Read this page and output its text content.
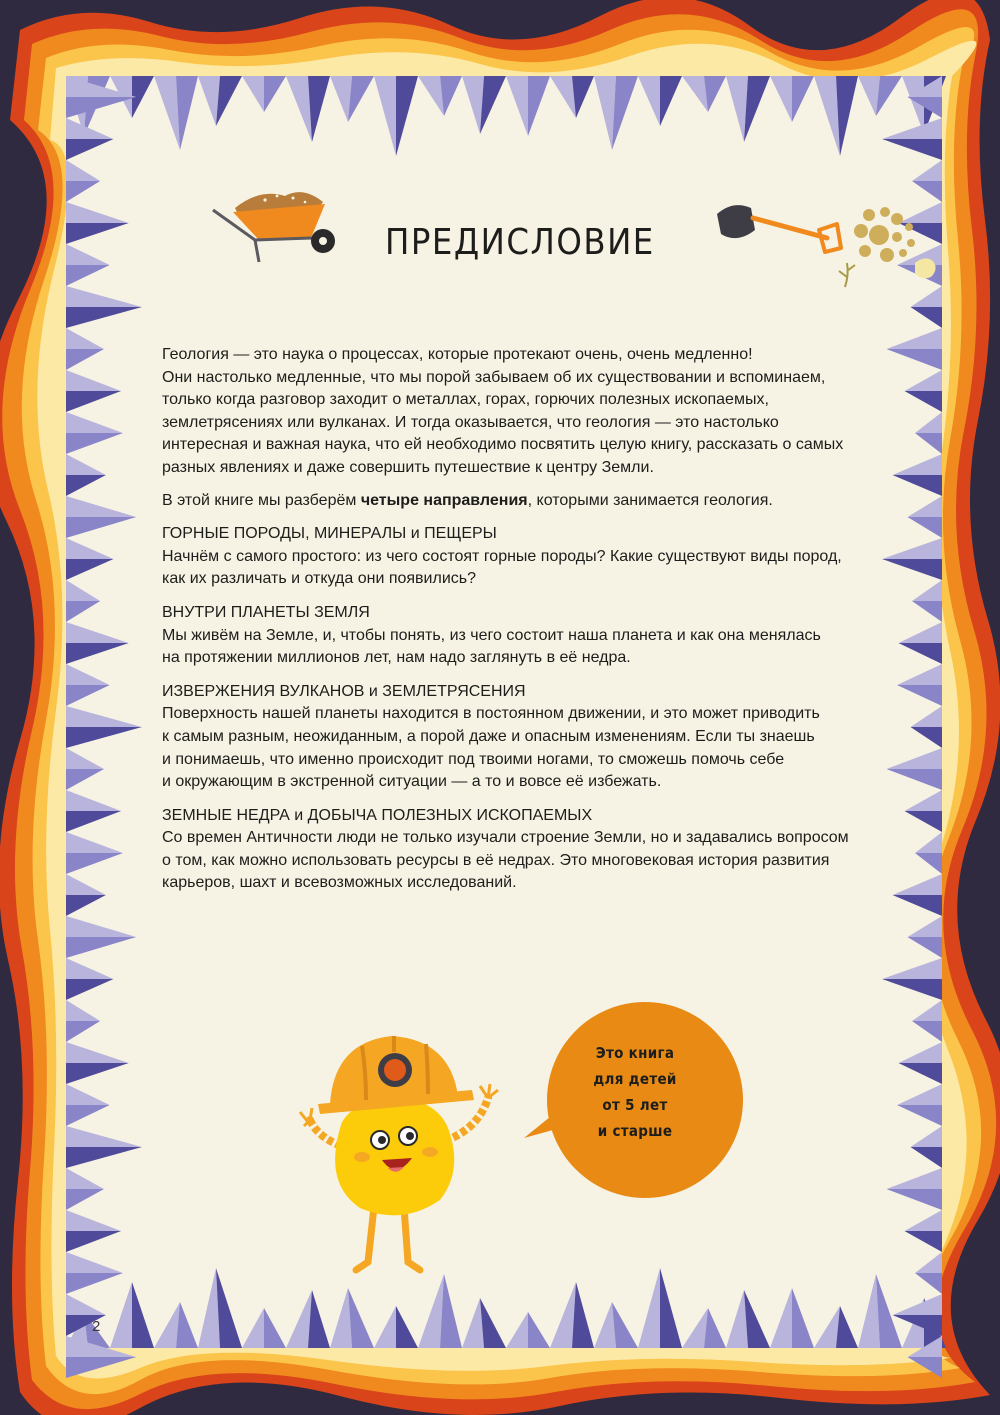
ПРЕДИСЛОВИЕ

Геология — это наука о процессах, которые протекают очень, очень медленно!

Они настолько медленные, что мы порой забываем об их существовании и вспоминаем,

только когда разговор заходит о металлах, горах, горючих полезных ископаемых,

землетрясениях или вулканах. И тогда оказывается, что геология — это настолько

интересная и важная наука, что ей необходимо посвятить целую книгу, рассказать о самых

разных явлениях и даже совершить путешествие к центру Земли.

В этой книге мы разберём четыре направления, которыми занимается геология.

ГОРНЫЕ ПОРОДЫ, МИНЕРАЛЫ и ПЕЩЕРЫ

Начнём с самого простого: из чего состоят горные породы? Какие существуют виды пород,

как их различать и откуда они появились?

ВНУТРИ ПЛАНЕТЫ ЗЕМЛЯ

Мы живём на Земле, и, чтобы понять, из чего состоит наша планета и как она менялась

на протяжении миллионов лет, нам надо заглянуть в её недра.

ИЗВЕРЖЕНИЯ ВУЛКАНОВ и ЗЕМЛЕТРЯСЕНИЯ

Поверхность нашей планеты находится в постоянном движении, и это может приводить

к самым разным, неожиданным, а порой даже и опасным изменениям. Если ты знаешь

и понимаешь, что именно происходит под твоими ногами, то сможешь помочь себе

и окружающим в экстренной ситуации — а то и вовсе её избежать.

ЗЕМНЫЕ НЕДРА и ДОБЫЧА ПОЛЕЗНЫХ ИСКОПАЕМЫХ

Со времен Античности люди не только изучали строение Земли, но и задавались вопросом

о том, как можно использовать ресурсы в её недрах. Это многовековая история развития

карьеров, шахт и всевозможных исследований.

Это книга
для детей
от 5 лет
и старше
2
